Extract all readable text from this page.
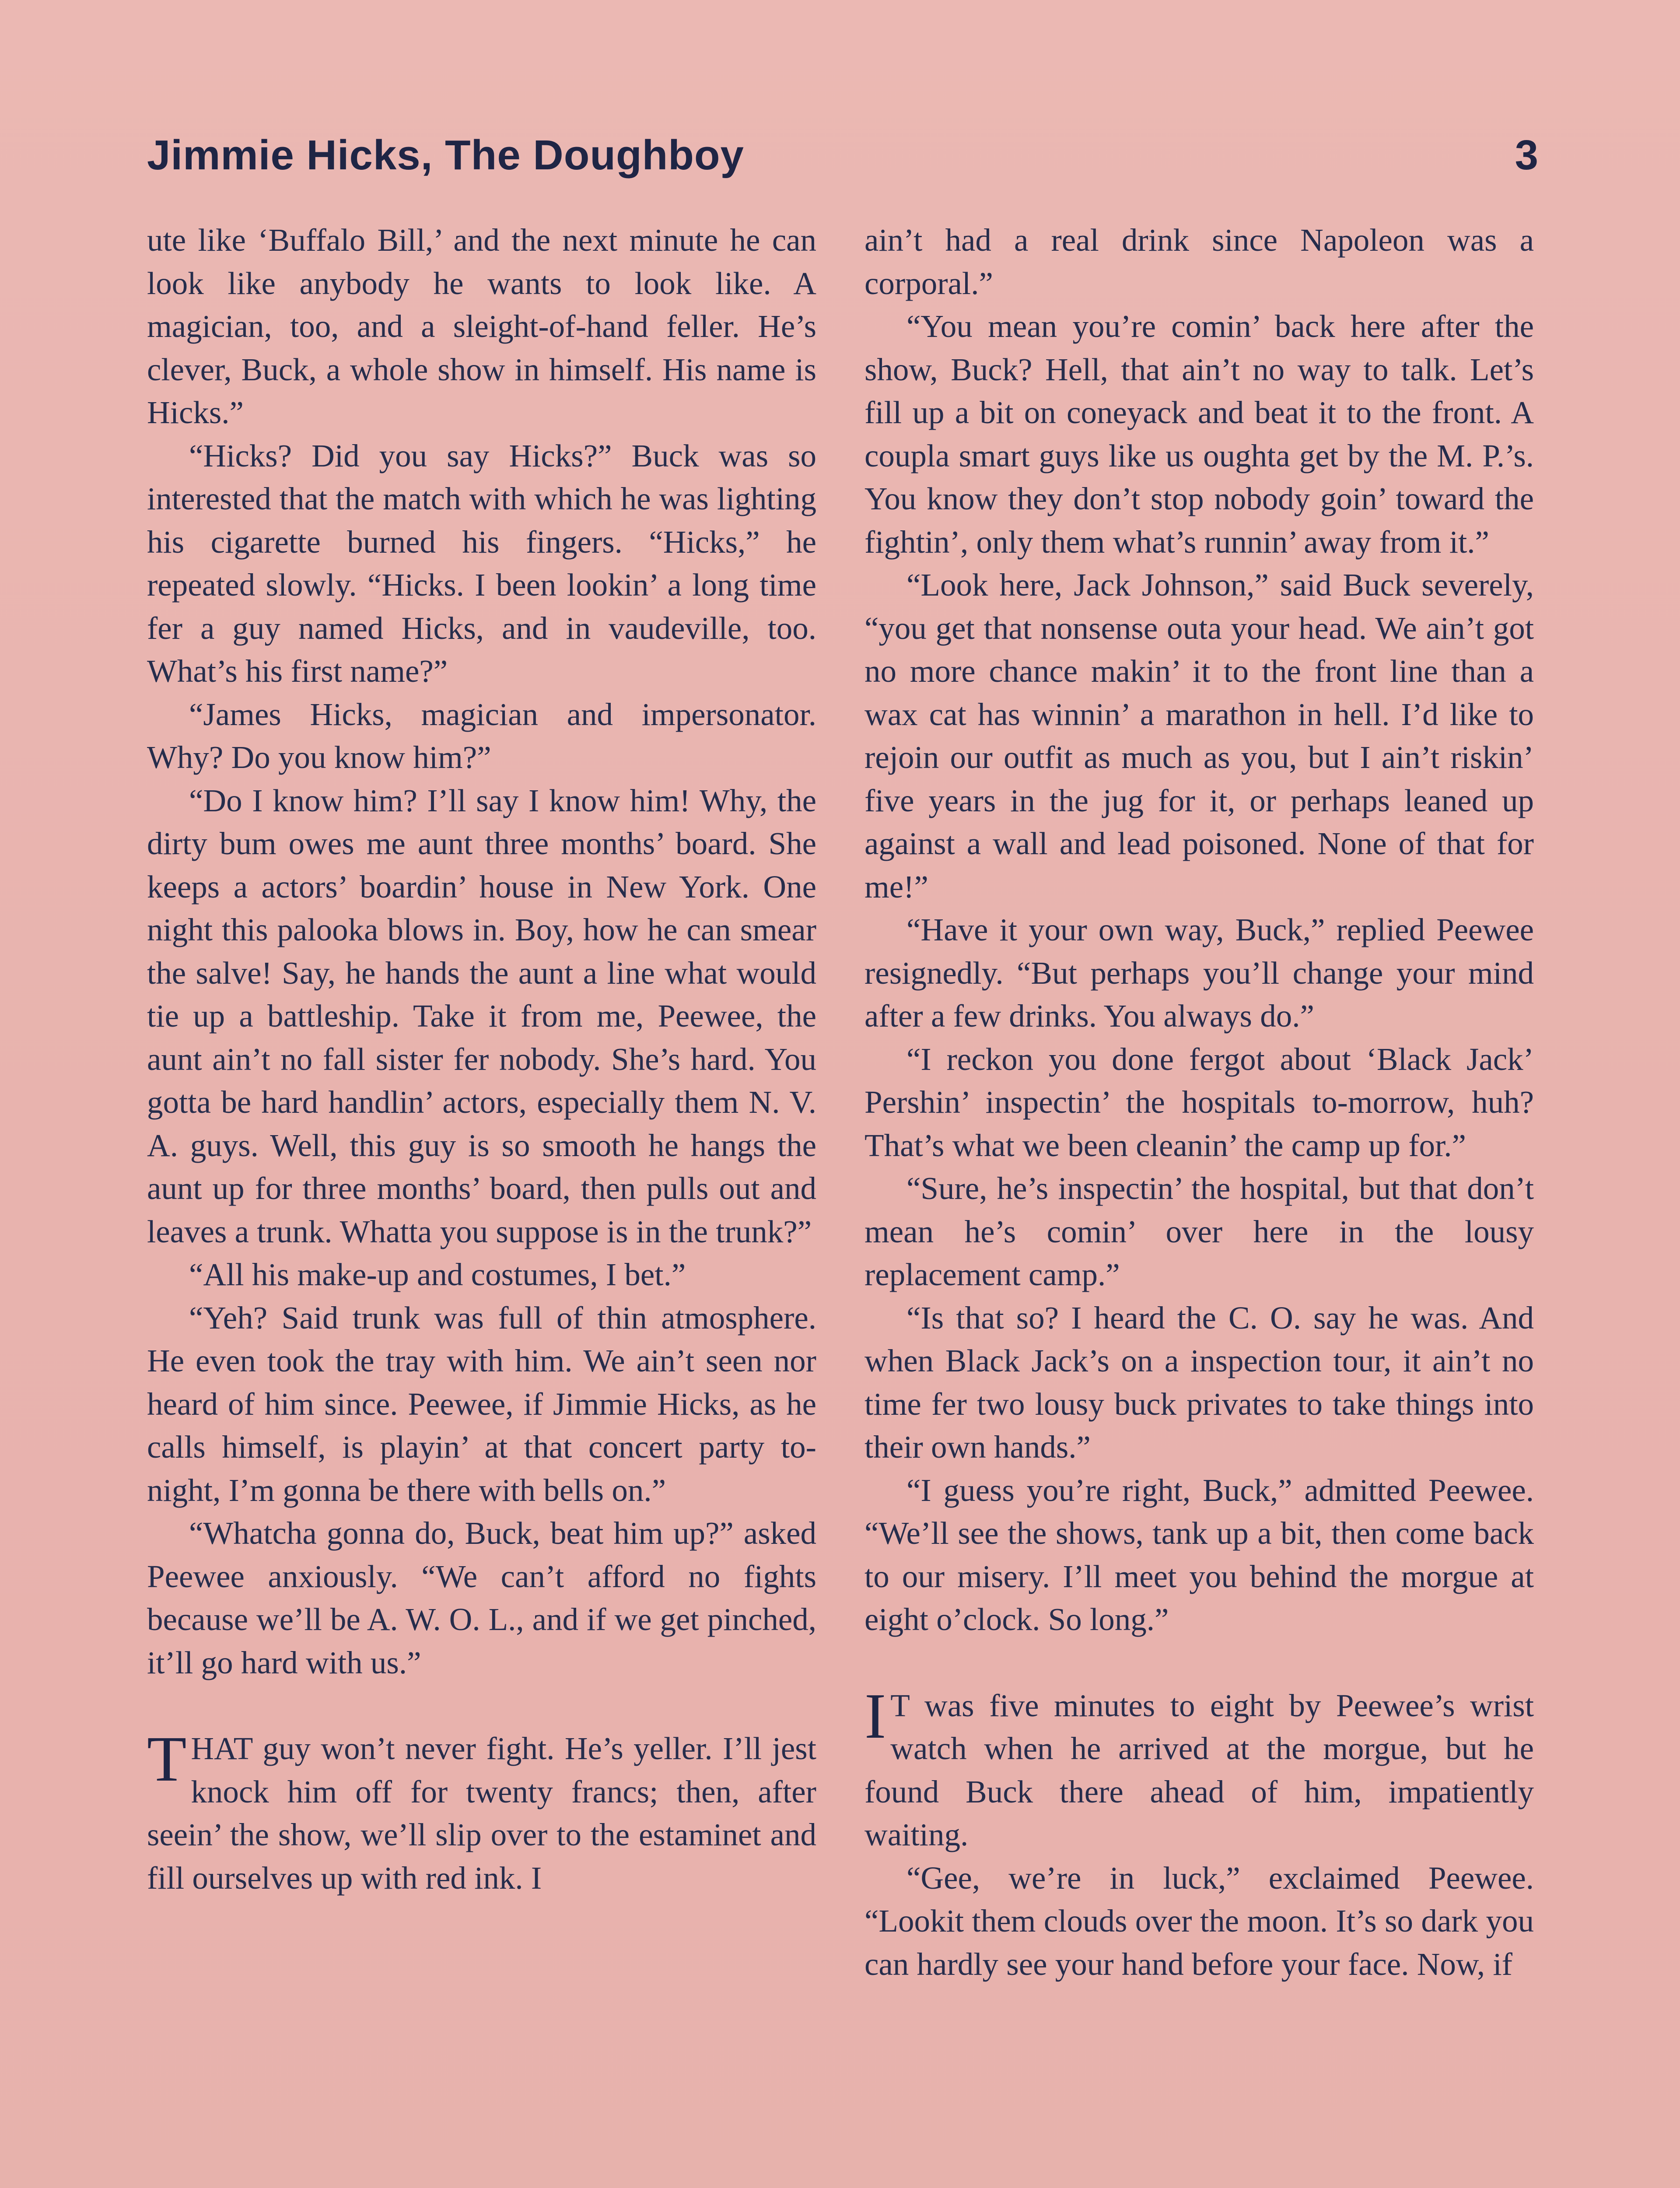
Jimmie Hicks, The Doughboy	3

ute like ‘Buffalo Bill,’ and the next minute he can look like anybody he wants to look like. A magician, too, and a sleight-of-hand feller. He’s clever, Buck, a whole show in himself. His name is Hicks.”

“Hicks? Did you say Hicks?” Buck was so interested that the match with which he was lighting his cigarette burned his fingers. “Hicks,” he repeated slowly. “Hicks. I been lookin’ a long time fer a guy named Hicks, and in vaudeville, too. What’s his first name?”

“James Hicks, magician and impersonator. Why? Do you know him?”

“Do I know him? I’ll say I know him! Why, the dirty bum owes me aunt three months’ board. She keeps a actors’ boardin’ house in New York. One night this palooka blows in. Boy, how he can smear the salve! Say, he hands the aunt a line what would tie up a battleship. Take it from me, Peewee, the aunt ain’t no fall sister fer nobody. She’s hard. You gotta be hard handlin’ actors, especially them N. V. A. guys. Well, this guy is so smooth he hangs the aunt up for three months’ board, then pulls out and leaves a trunk. Whatta you suppose is in the trunk?”

“All his make-up and costumes, I bet.”

“Yeh? Said trunk was full of thin atmosphere. He even took the tray with him. We ain’t seen nor heard of him since. Peewee, if Jimmie Hicks, as he calls himself, is playin’ at that concert party to-night, I’m gonna be there with bells on.”

“Whatcha gonna do, Buck, beat him up?” asked Peewee anxiously. “We can’t afford no fights because we’ll be A. W. O. L., and if we get pinched, it’ll go hard with us.”

THAT guy won’t never fight. He’s yeller. I’ll jest knock him off for twenty francs; then, after seein’ the show, we’ll slip over to the estaminet and fill ourselves up with red ink. I

ain’t had a real drink since Napoleon was a corporal.”

“You mean you’re comin’ back here after the show, Buck? Hell, that ain’t no way to talk. Let’s fill up a bit on coneyack and beat it to the front. A coupla smart guys like us oughta get by the M. P.’s. You know they don’t stop nobody goin’ toward the fightin’, only them what’s runnin’ away from it.”

“Look here, Jack Johnson,” said Buck severely, “you get that nonsense outa your head. We ain’t got no more chance makin’ it to the front line than a wax cat has winnin’ a marathon in hell. I’d like to rejoin our outfit as much as you, but I ain’t riskin’ five years in the jug for it, or perhaps leaned up against a wall and lead poisoned. None of that for me!”

“Have it your own way, Buck,” replied Peewee resignedly. “But perhaps you’ll change your mind after a few drinks. You always do.”

“I reckon you done fergot about ‘Black Jack’ Pershin’ inspectin’ the hospitals to-morrow, huh? That’s what we been cleanin’ the camp up for.”

“Sure, he’s inspectin’ the hospital, but that don’t mean he’s comin’ over here in the lousy replacement camp.”

“Is that so? I heard the C. O. say he was. And when Black Jack’s on a inspection tour, it ain’t no time fer two lousy buck privates to take things into their own hands.”

“I guess you’re right, Buck,” admitted Peewee. “We’ll see the shows, tank up a bit, then come back to our misery. I’ll meet you behind the morgue at eight o’clock. So long.”

I T was five minutes to eight by Peewee’s wrist watch when he arrived at the morgue, but he found Buck there ahead of him, impatiently waiting.

“Gee, we’re in luck,” exclaimed Peewee. “Lookit them clouds over the moon. It’s so dark you can hardly see your hand before your face. Now, if
